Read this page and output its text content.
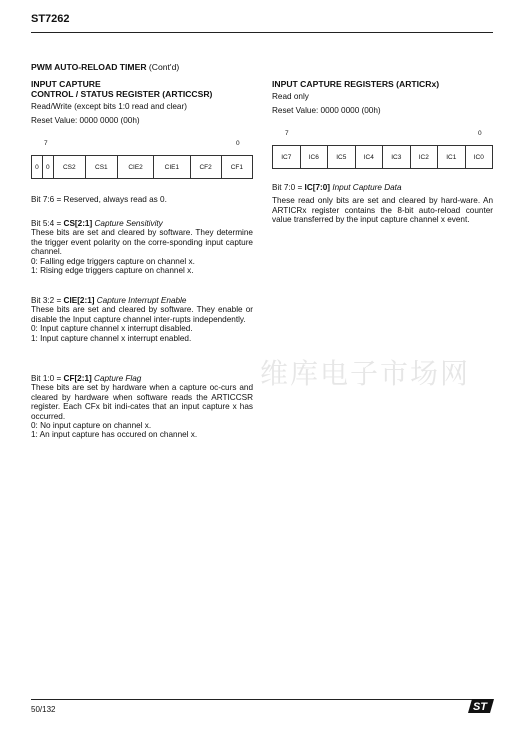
ST7262
PWM AUTO-RELOAD TIMER (Cont'd)
INPUT CAPTURE
CONTROL / STATUS REGISTER (ARTICCSR)
Read/Write (except bits 1:0 read and clear)
Reset Value: 0000 0000 (00h)
7	0
0	0	CS2	CS1	CIE2	CIE1	CF2	CF1
Bit 7:6 = Reserved, always read as 0.
Bit 5:4 = CS[2:1] Capture Sensitivity
These bits are set and cleared by software. They determine the trigger event polarity on the corre-sponding input capture channel.
0: Falling edge triggers capture on channel x.
1: Rising edge triggers capture on channel x.
Bit 3:2 = CIE[2:1] Capture Interrupt Enable
These bits are set and cleared by software. They enable or disable the Input capture channel inter-rupts independently.
0: Input capture channel x interrupt disabled.
1: Input capture channel x interrupt enabled.
Bit 1:0 = CF[2:1] Capture Flag
These bits are set by hardware when a capture oc-curs and cleared by hardware when software reads the ARTICCSR register. Each CFx bit indi-cates that an input capture x has occurred.
0: No input capture on channel x.
1: An input capture has occured on channel x.
INPUT CAPTURE REGISTERS (ARTICRx)
Read only
Reset Value: 0000 0000 (00h)
7	0
IC7	IC6	IC5	IC4	IC3	IC2	IC1	IC0
Bit 7:0 = IC[7:0] Input Capture Data
These read only bits are set and cleared by hard-ware. An ARTICRx register contains the 8-bit auto-reload counter value transferred by the input capture channel x event.
维库电子市场网
50/132	ST
